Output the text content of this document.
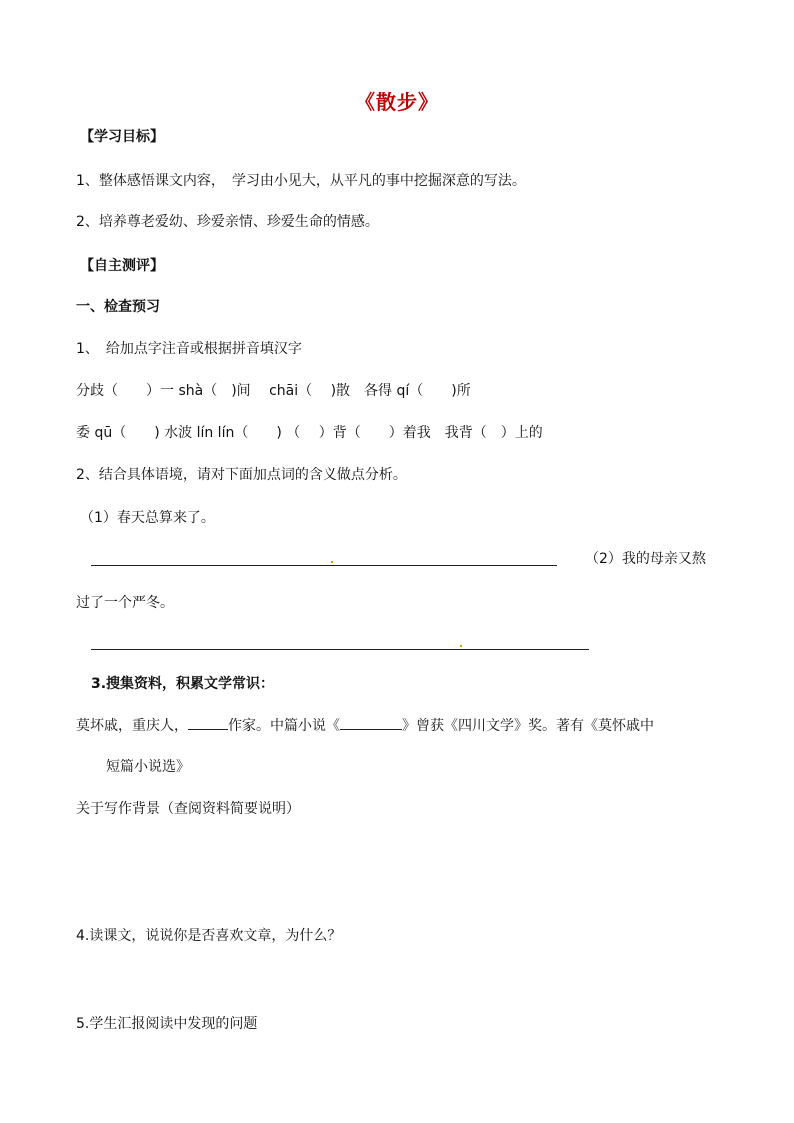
《散步》
【学习目标】
1、整体感悟课文内容，　学习由小见大，从平凡的事中挖掘深意的写法。
2、培养尊老爱幼、珍爱亲情、珍爱生命的情感。
【自主测评】
一、检查预习
1、　给加点字注音或根据拼音填汉字
分歧（　　）一 shà（　)间　 chāi（　 )散　各得 qí（　　)所
委 qū（　　) 水波 lín lín（　　) （　 ）背（　　）着我　我背（　）上的
2、结合具体语境，请对下面加点词的含义做点分析。
（1）春天总算来了。
（2）我的母亲又熬
过了一个严冬。
3.搜集资料，积累文学常识：
莫坏戚，重庆人，	作家。中篇小说《	》曾获《四川文学》奖。著有《莫怀戚中
短篇小说选》
关于写作背景（查阅资料简要说明）
4.读课文，说说你是否喜欢文章，为什么？
5.学生汇报阅读中发现的问题
